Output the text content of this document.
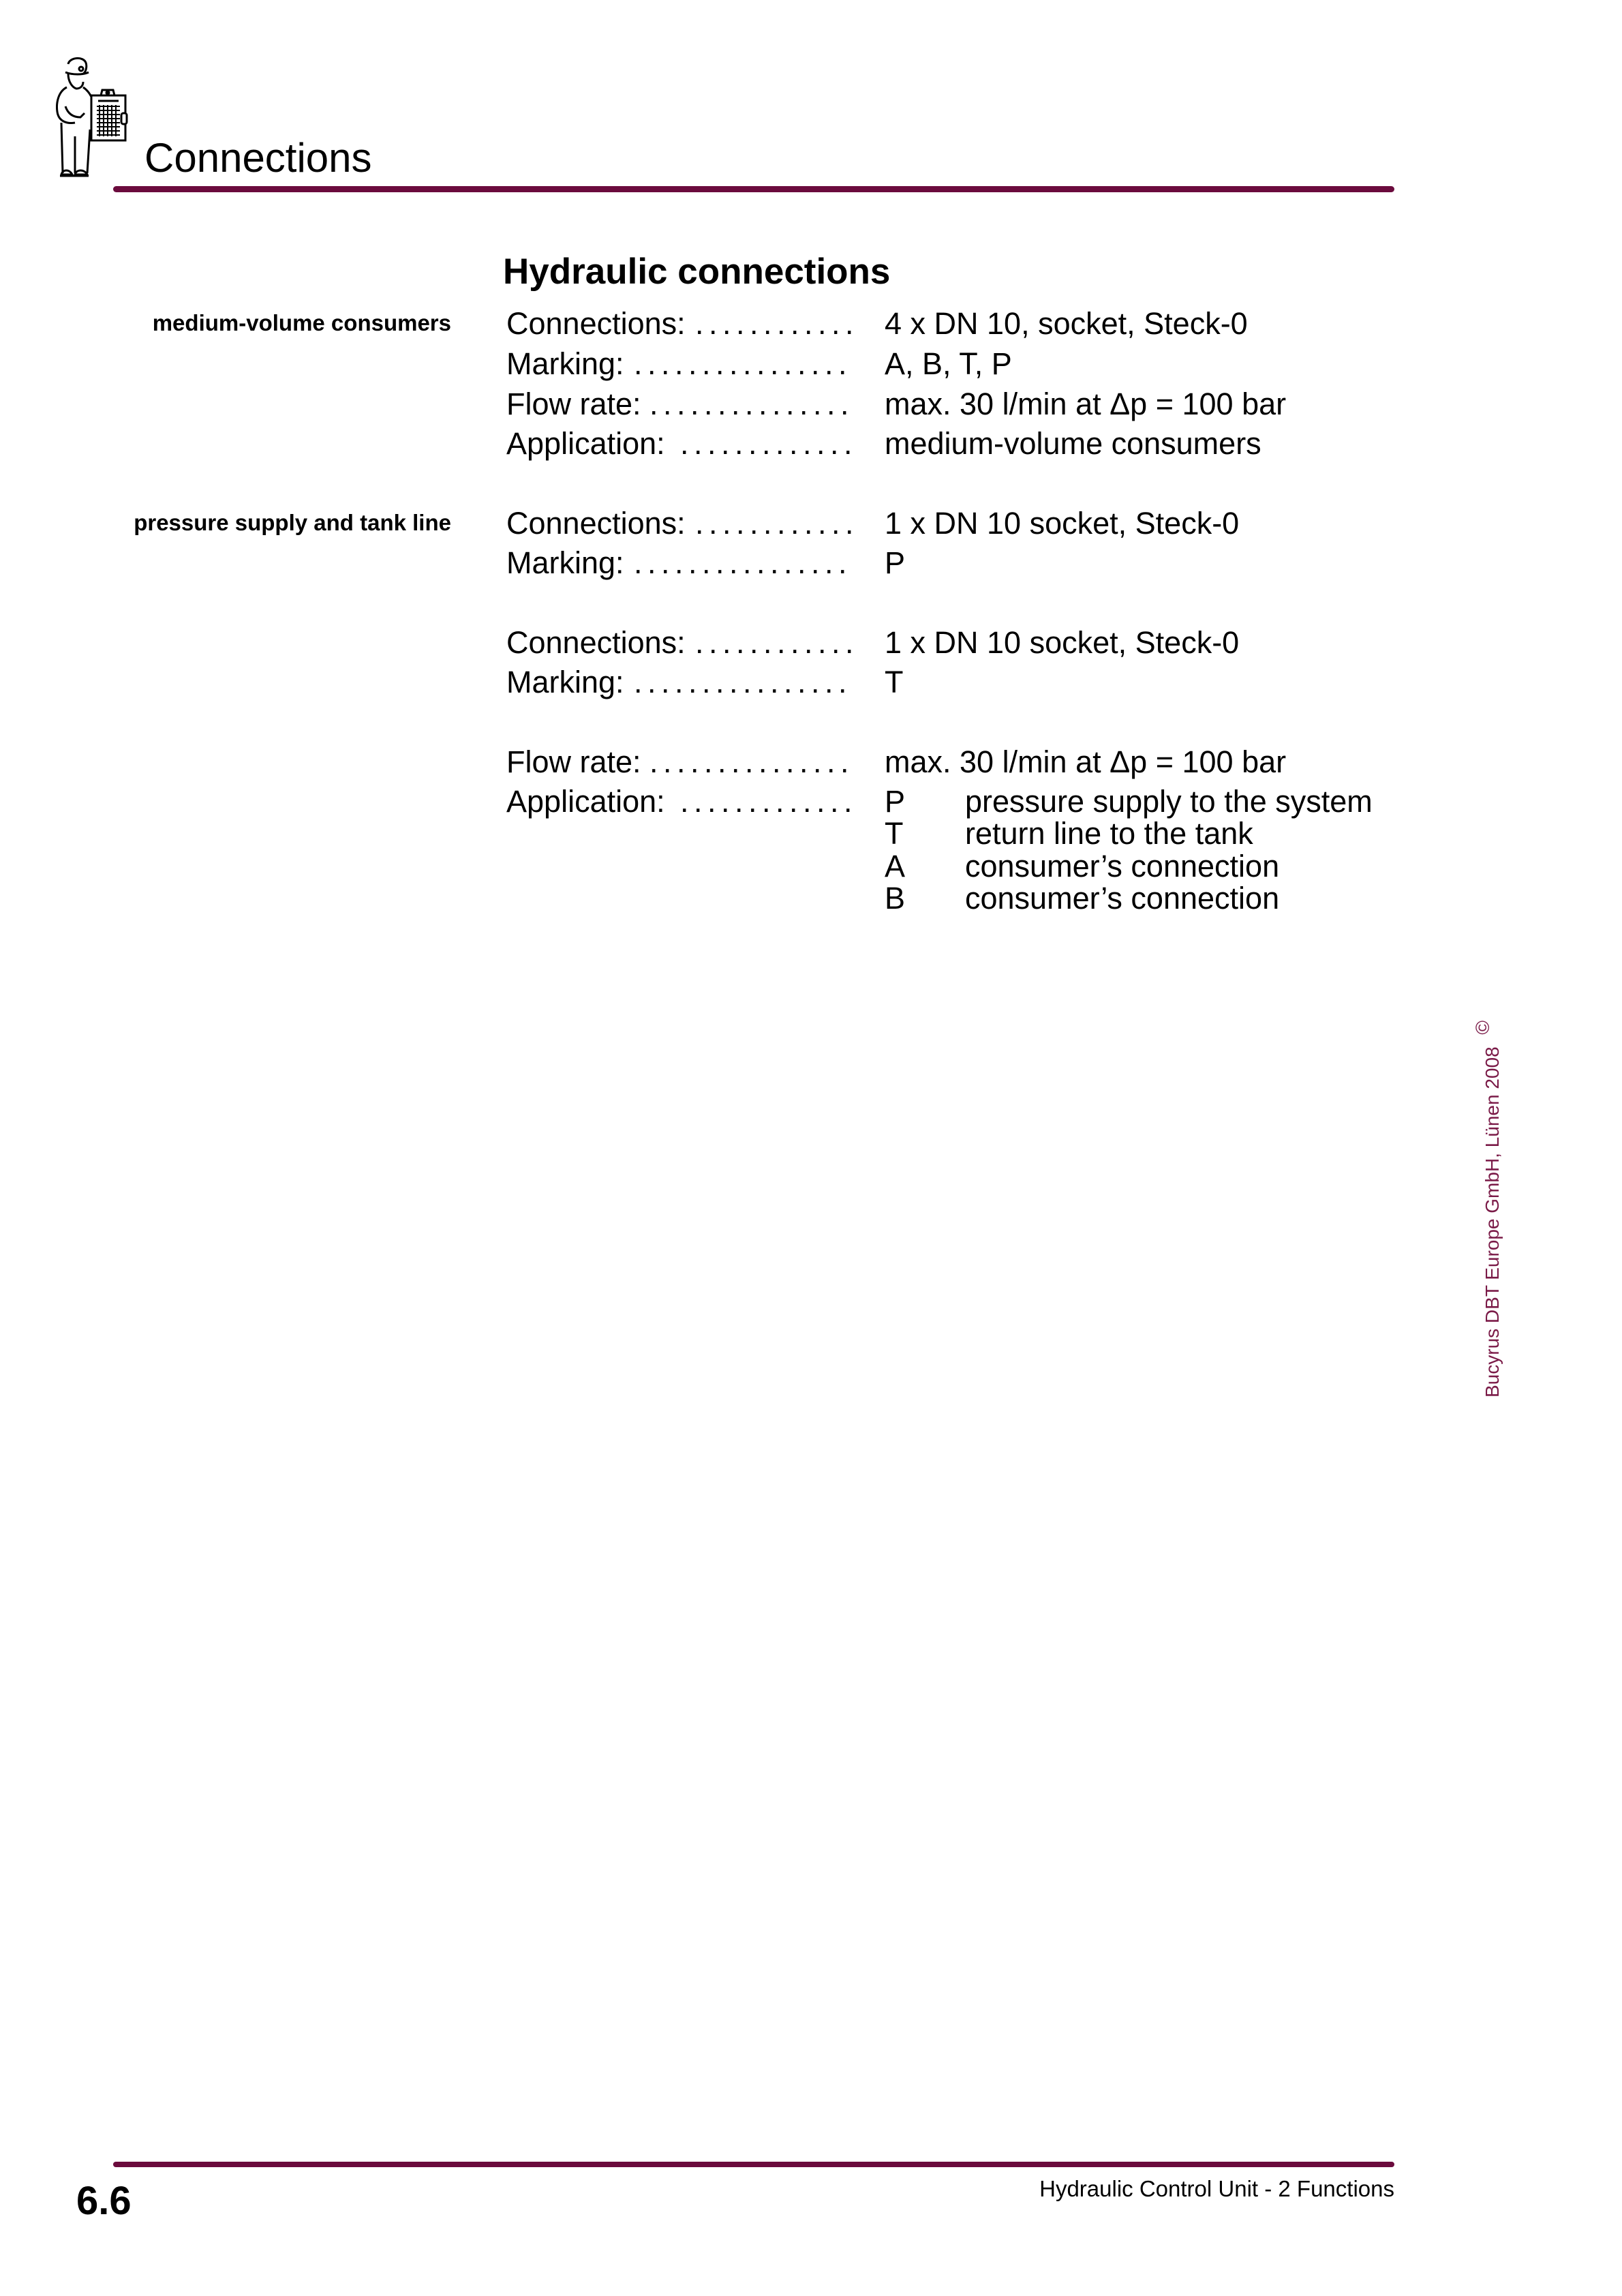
Connections
Hydraulic connections
medium-volume consumers Connections: ............ 4 x DN 10, socket, Steck-0
Marking: ................ A, B, T, P
Flow rate: ............... max. 30 l/min at Δp = 100 bar
Application: ............. medium-volume consumers
pressure supply and tank line Connections: ............ 1 x DN 10 socket, Steck-0
Marking: ................ P
Connections: ............ 1 x DN 10 socket, Steck-0
Marking: ................ T
Flow rate: ............... max. 30 l/min at Δp = 100 bar
Application: ............. P pressure supply to the system
T return line to the tank
A consumer’s connection
B consumer’s connection
Bucyrus DBT Europe GmbH, Lünen 2008 ©
Hydraulic Control Unit - 2 Functions
6.6
